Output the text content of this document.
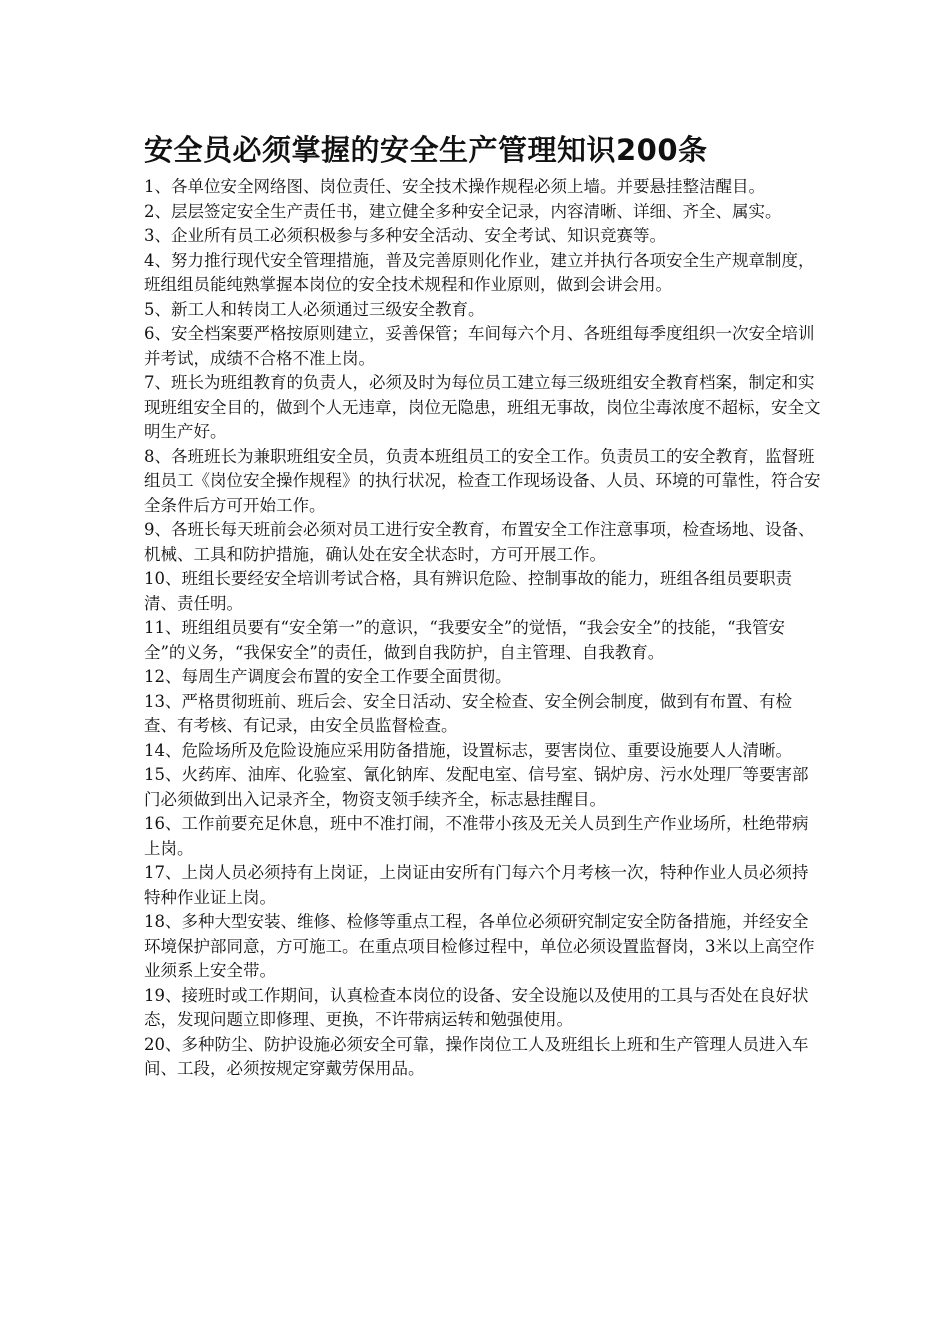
安全员必须掌握的安全生产管理知识200条

1、各单位安全网络图、岗位责任、安全技术操作规程必须上墙。并要悬挂整洁醒目。

2、层层签定安全生产责任书，建立健全多种安全记录，内容清晰、详细、齐全、属实。

3、企业所有员工必须积极参与多种安全活动、安全考试、知识竞赛等。

4、努力推行现代安全管理措施，普及完善原则化作业，建立并执行各项安全生产规章制度，班组组员能纯熟掌握本岗位的安全技术规程和作业原则，做到会讲会用。

5、新工人和转岗工人必须通过三级安全教育。

6、安全档案要严格按原则建立，妥善保管；车间每六个月、各班组每季度组织一次安全培训并考试，成绩不合格不准上岗。

7、班长为班组教育的负责人，必须及时为每位员工建立每三级班组安全教育档案，制定和实现班组安全目的，做到个人无违章，岗位无隐患，班组无事故，岗位尘毒浓度不超标，安全文明生产好。

8、各班班长为兼职班组安全员，负责本班组员工的安全工作。负责员工的安全教育，监督班组员工《岗位安全操作规程》的执行状况，检查工作现场设备、人员、环境的可靠性，符合安全条件后方可开始工作。

9、各班长每天班前会必须对员工进行安全教育，布置安全工作注意事项，检查场地、设备、机械、工具和防护措施，确认处在安全状态时，方可开展工作。

10、班组长要经安全培训考试合格，具有辨识危险、控制事故的能力，班组各组员要职责清、责任明。

11、班组组员要有“安全第一”的意识，“我要安全”的觉悟，“我会安全”的技能，“我管安全”的义务，“我保安全”的责任，做到自我防护，自主管理、自我教育。

12、每周生产调度会布置的安全工作要全面贯彻。

13、严格贯彻班前、班后会、安全日活动、安全检查、安全例会制度，做到有布置、有检查、有考核、有记录，由安全员监督检查。

14、危险场所及危险设施应采用防备措施，设置标志，要害岗位、重要设施要人人清晰。

15、火药库、油库、化验室、氰化钠库、发配电室、信号室、锅炉房、污水处理厂等要害部门必须做到出入记录齐全，物资支领手续齐全，标志悬挂醒目。

16、工作前要充足休息，班中不准打闹，不准带小孩及无关人员到生产作业场所，杜绝带病上岗。

17、上岗人员必须持有上岗证，上岗证由安所有门每六个月考核一次，特种作业人员必须持特种作业证上岗。

18、多种大型安装、维修、检修等重点工程，各单位必须研究制定安全防备措施，并经安全环境保护部同意，方可施工。在重点项目检修过程中，单位必须设置监督岗，3米以上高空作业须系上安全带。

19、接班时或工作期间，认真检查本岗位的设备、安全设施以及使用的工具与否处在良好状态，发现问题立即修理、更换，不许带病运转和勉强使用。

20、多种防尘、防护设施必须安全可靠，操作岗位工人及班组长上班和生产管理人员进入车间、工段，必须按规定穿戴劳保用品。
